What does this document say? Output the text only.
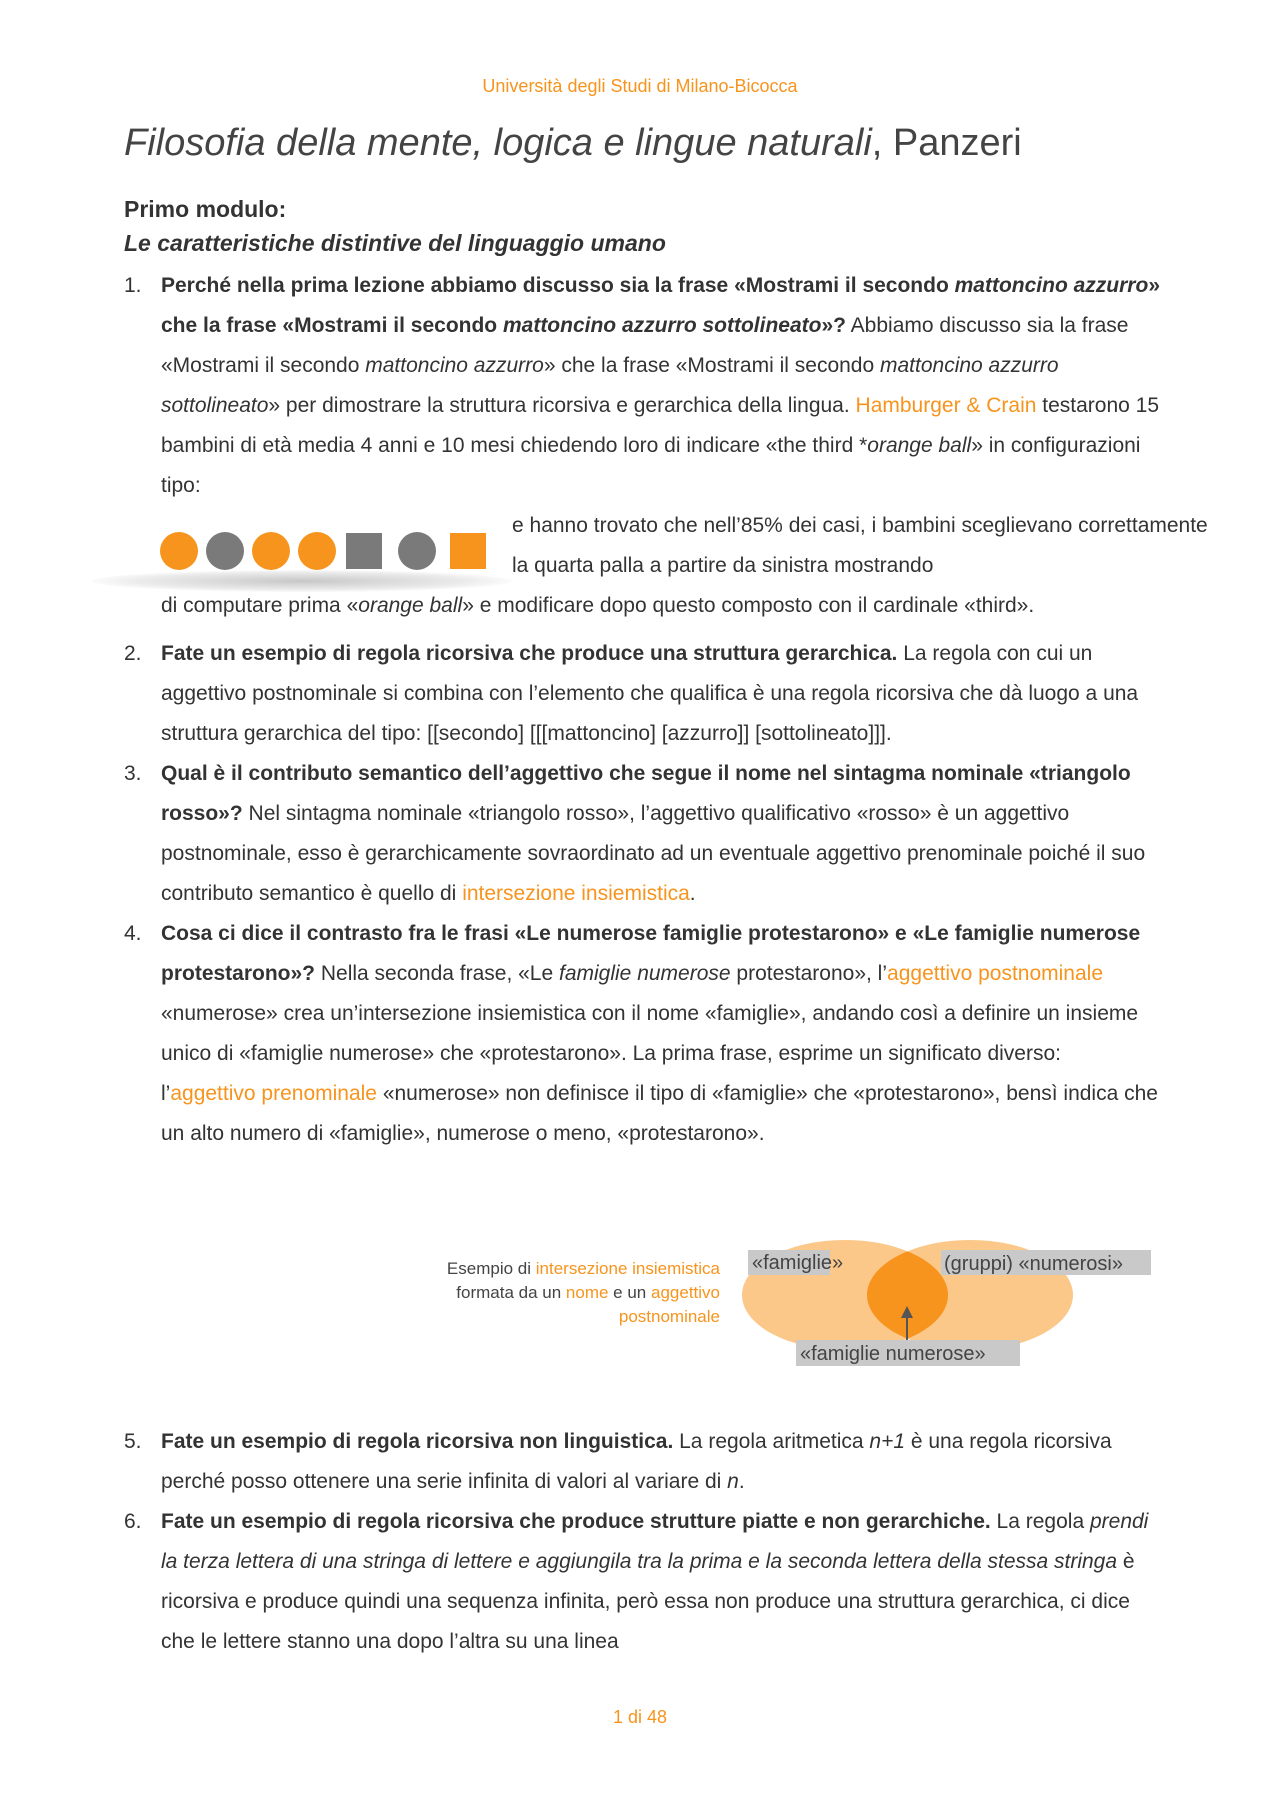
Università degli Studi di Milano-Bicocca
Filosofia della mente, logica e lingue naturali, Panzeri
Primo modulo:
Le caratteristiche distintive del linguaggio umano
1. Perché nella prima lezione abbiamo discusso sia la frase «Mostrami il secondo mattoncino azzurro» che la frase «Mostrami il secondo mattoncino azzurro sottolineato»? Abbiamo discusso sia la frase «Mostrami il secondo mattoncino azzurro» che la frase «Mostrami il secondo mattoncino azzurro sottolineato» per dimostrare la struttura ricorsiva e gerarchica della lingua. Hamburger & Crain testarono 15 bambini di età media 4 anni e 10 mesi chiedendo loro di indicare «the third *orange ball» in configurazioni tipo:
e hanno trovato che nell’85% dei casi, i bambini sceglievano correttamente la quarta palla a partire da sinistra mostrando
di computare prima «orange ball» e modificare dopo questo composto con il cardinale «third».
2. Fate un esempio di regola ricorsiva che produce una struttura gerarchica. La regola con cui un aggettivo postnominale si combina con l’elemento che qualifica è una regola ricorsiva che dà luogo a una struttura gerarchica del tipo: [[secondo] [[[mattoncino] [azzurro]] [sottolineato]]].
3. Qual è il contributo semantico dell’aggettivo che segue il nome nel sintagma nominale «triangolo rosso»? Nel sintagma nominale «triangolo rosso», l’aggettivo qualificativo «rosso» è un aggettivo postnominale, esso è gerarchicamente sovraordinato ad un eventuale aggettivo prenominale poiché il suo contributo semantico è quello di intersezione insiemistica.
4. Cosa ci dice il contrasto fra le frasi «Le numerose famiglie protestarono» e «Le famiglie numerose protestarono»? Nella seconda frase, «Le famiglie numerose protestarono», l’aggettivo postnominale «numerose» crea un’intersezione insiemistica con il nome «famiglie», andando così a definire un insieme unico di «famiglie numerose» che «protestarono». La prima frase, esprime un significato diverso: l’aggettivo prenominale «numerose» non definisce il tipo di «famiglie» che «protestarono», bensì indica che un alto numero di «famiglie», numerose o meno, «protestarono».
Esempio di intersezione insiemistica
formata da un nome e un aggettivo
postnominale
«famiglie»	(gruppi) «numerosi»
«famiglie numerose»
5. Fate un esempio di regola ricorsiva non linguistica. La regola aritmetica n+1 è una regola ricorsiva perché posso ottenere una serie infinita di valori al variare di n.
6. Fate un esempio di regola ricorsiva che produce strutture piatte e non gerarchiche. La regola prendi la terza lettera di una stringa di lettere e aggiungila tra la prima e la seconda lettera della stessa stringa è ricorsiva e produce quindi una sequenza infinita, però essa non produce una struttura gerarchica, ci dice che le lettere stanno una dopo l’altra su una linea
1 di 48
